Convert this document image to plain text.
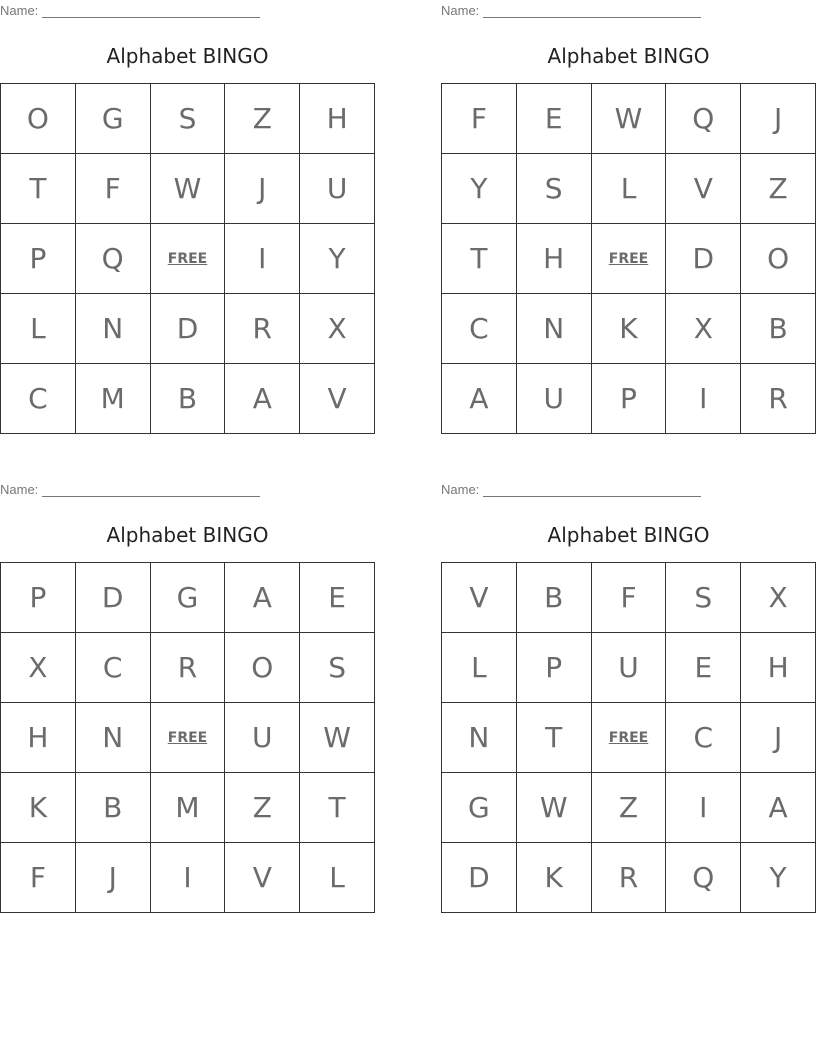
Name:
Alphabet BINGO
O	G	S	Z	H
T	F	W	J	U
P	Q	FREE	I	Y
L	N	D	R	X
C	M	B	A	V
Name:
Alphabet BINGO
F	E	W	Q	J
Y	S	L	V	Z
T	H	FREE	D	O
C	N	K	X	B
A	U	P	I	R
Name:
Alphabet BINGO
P	D	G	A	E
X	C	R	O	S
H	N	FREE	U	W
K	B	M	Z	T
F	J	I	V	L
Name:
Alphabet BINGO
V	B	F	S	X
L	P	U	E	H
N	T	FREE	C	J
G	W	Z	I	A
D	K	R	Q	Y
